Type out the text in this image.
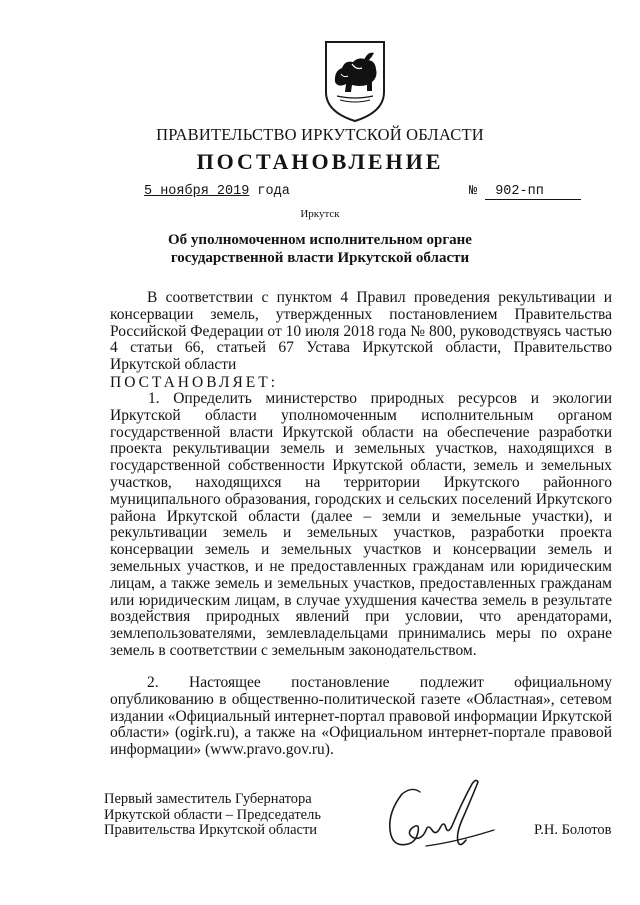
ПРАВИТЕЛЬСТВО ИРКУТСКОЙ ОБЛАСТИ
ПОСТАНОВЛЕНИЕ
5 ноября 2019 года	№ 902-пп
Иркутск
Об уполномоченном исполнительном органе государственной власти Иркутской области
В соответствии с пунктом 4 Правил проведения рекультивации и консервации земель, утвержденных постановлением Правительства Российской Федерации от 10 июля 2018 года № 800, руководствуясь частью 4 статьи 66, статьей 67 Устава Иркутской области, Правительство Иркутской области
ПОСТАНОВЛЯЕТ:
1. Определить министерство природных ресурсов и экологии
Иркутской области уполномоченным исполнительным органом государственной власти Иркутской области на обеспечение разработки проекта рекультивации земель и земельных участков, находящихся в государственной собственности Иркутской области, земель и земельных участков, находящихся на территории Иркутского районного муниципального образования, городских и сельских поселений Иркутского района Иркутской области (далее – земли и земельные участки), и рекультивации земель и земельных участков, разработки проекта консервации земель и земельных участков и консервации земель и земельных участков, и не предоставленных гражданам или юридическим лицам, а также земель и земельных участков, предоставленных гражданам или юридическим лицам, в случае ухудшения качества земель в результате воздействия природных явлений при условии, что арендаторами, землепользователями, землевладельцами принимались меры по охране земель в соответствии с земельным законодательством.
2. Настоящее постановление подлежит официальному опубликованию в общественно-политической газете «Областная», сетевом издании «Официальный интернет-портал правовой информации Иркутской области» (ogirk.ru), а также на «Официальном интернет-портале правовой информации» (www.pravo.gov.ru).
Первый заместитель Губернатора
Иркутской области – Председатель
Правительства Иркутской области	Р.Н. Болотов
